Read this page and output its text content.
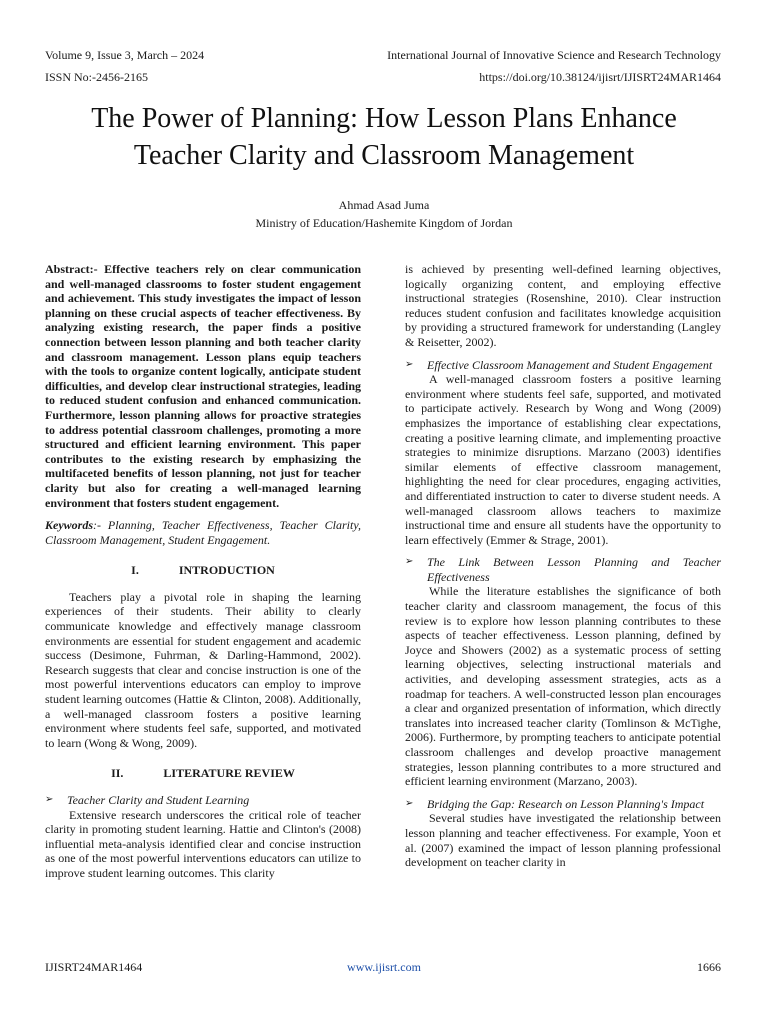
Volume 9, Issue 3, March – 2024
ISSN No:-2456-2165
International Journal of Innovative Science and Research Technology
https://doi.org/10.38124/ijisrt/IJISRT24MAR1464
The Power of Planning: How Lesson Plans Enhance
Teacher Clarity and Classroom Management
Ahmad Asad Juma
Ministry of Education/Hashemite Kingdom of Jordan

Abstract:- Effective teachers rely on clear communication and well-managed classrooms to foster student engagement and achievement. This study investigates the impact of lesson planning on these crucial aspects of teacher effectiveness. By analyzing existing research, the paper finds a positive connection between lesson planning and both teacher clarity and classroom management. Lesson plans equip teachers with the tools to organize content logically, anticipate student difficulties, and develop clear instructional strategies, leading to reduced student confusion and enhanced communication. Furthermore, lesson planning allows for proactive strategies to address potential classroom challenges, promoting a more structured and efficient learning environment. This paper contributes to the existing research by emphasizing the multifaceted benefits of lesson planning, not just for teacher clarity but also for creating a well-managed learning environment that fosters student engagement.

Keywords:- Planning, Teacher Effectiveness, Teacher Clarity, Classroom Management, Student Engagement.

I.	INTRODUCTION

Teachers play a pivotal role in shaping the learning experiences of their students. Their ability to clearly communicate knowledge and effectively manage classroom environments are essential for student engagement and academic success (Desimone, Fuhrman, & Darling-Hammond, 2002). Research suggests that clear and concise instruction is one of the most powerful interventions educators can employ to improve student learning outcomes (Hattie & Clinton, 2008). Additionally, a well-managed classroom fosters a positive learning environment where students feel safe, supported, and motivated to learn (Wong & Wong, 2009).

II.	LITERATURE REVIEW
➢	Teacher Clarity and Student Learning

Extensive research underscores the critical role of teacher clarity in promoting student learning. Hattie and Clinton's (2008) influential meta-analysis identified clear and concise instruction as one of the most powerful interventions educators can utilize to improve student learning outcomes. This clarity

is achieved by presenting well-defined learning objectives, logically organizing content, and employing effective instructional strategies (Rosenshine, 2010). Clear instruction reduces student confusion and facilitates knowledge acquisition by providing a structured framework for understanding (Langley & Reisetter, 2002).

➢	Effective Classroom Management and Student Engagement

A well-managed classroom fosters a positive learning environment where students feel safe, supported, and motivated to participate actively. Research by Wong and Wong (2009) emphasizes the importance of establishing clear expectations, creating a positive learning climate, and implementing proactive strategies to minimize disruptions. Marzano (2003) identifies similar elements of effective classroom management, highlighting the need for clear procedures, engaging activities, and differentiated instruction to cater to diverse student needs. A well-managed classroom allows teachers to maximize instructional time and ensure all students have the opportunity to learn effectively (Emmer & Strage, 2001).

➢	The Link Between Lesson Planning and Teacher Effectiveness

While the literature establishes the significance of both teacher clarity and classroom management, the focus of this review is to explore how lesson planning contributes to these aspects of teacher effectiveness. Lesson planning, defined by Joyce and Showers (2002) as a systematic process of setting learning objectives, selecting instructional materials and activities, and developing assessment strategies, acts as a roadmap for teachers. A well-constructed lesson plan encourages a clear and organized presentation of information, which directly translates into increased teacher clarity (Tomlinson & McTighe, 2006). Furthermore, by prompting teachers to anticipate potential classroom challenges and develop proactive management strategies, lesson planning contributes to a more structured and efficient learning environment (Marzano, 2003).

➢	Bridging the Gap: Research on Lesson Planning's Impact

Several studies have investigated the relationship between lesson planning and teacher effectiveness. For example, Yoon et al. (2007) examined the impact of lesson planning professional development on teacher clarity in

IJISRT24MAR1464	www.ijisrt.com	1666
